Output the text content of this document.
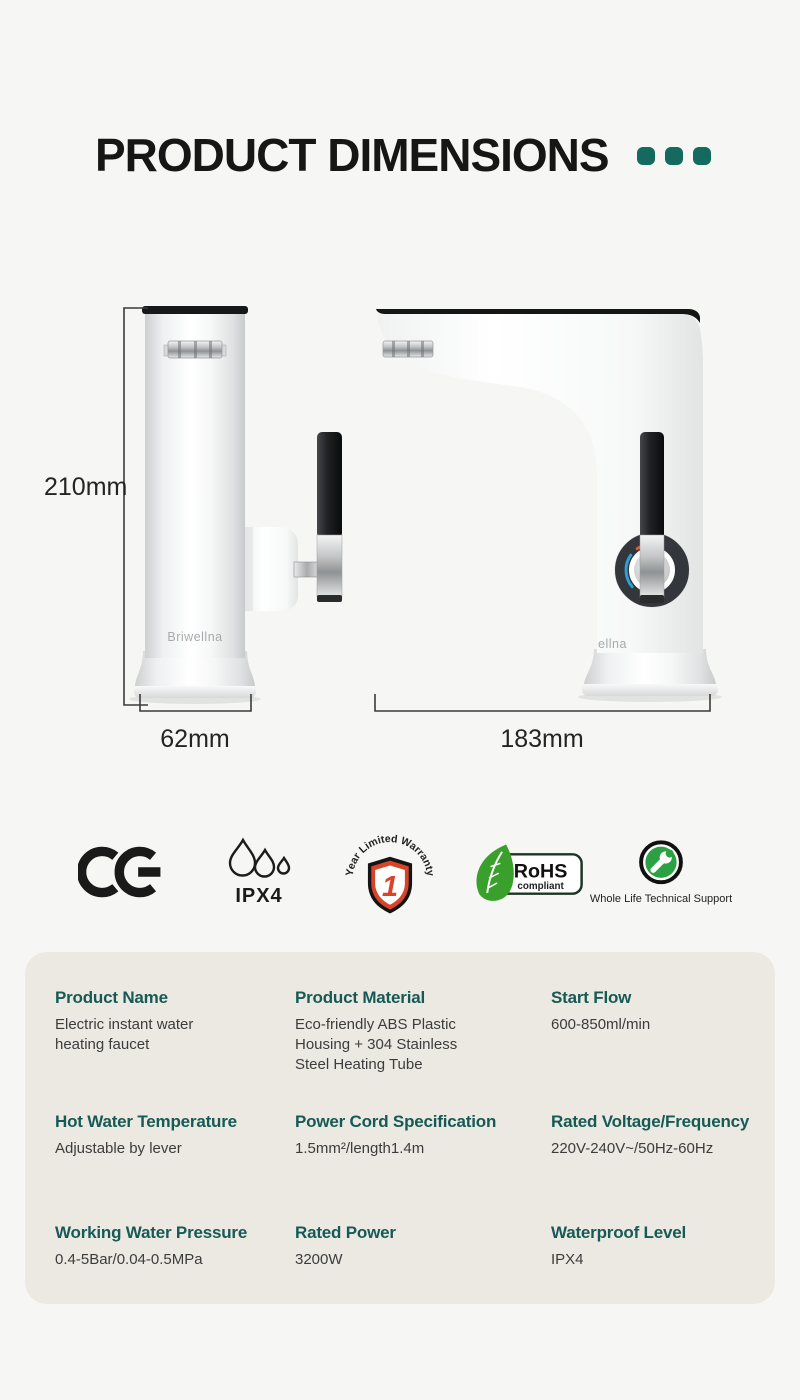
PRODUCT DIMENSIONS
Briwellna	ellna
210mm
62mm	183mm
IPX4
Year Limited Warranty
1	RoHS
compliant
Whole Life Technical Support
Product Name

Electric instant water heating faucet

Product Material

Eco-friendly ABS Plastic Housing + 304 Stainless Steel Heating Tube

Start Flow

600-850ml/min

Hot Water Temperature

Adjustable by lever

Power Cord Specification

1.5mm²/length1.4m

Rated Voltage/Frequency

220V-240V~/50Hz-60Hz

Working Water Pressure

0.4-5Bar/0.04-0.5MPa

Rated Power

3200W

Waterproof Level

IPX4
